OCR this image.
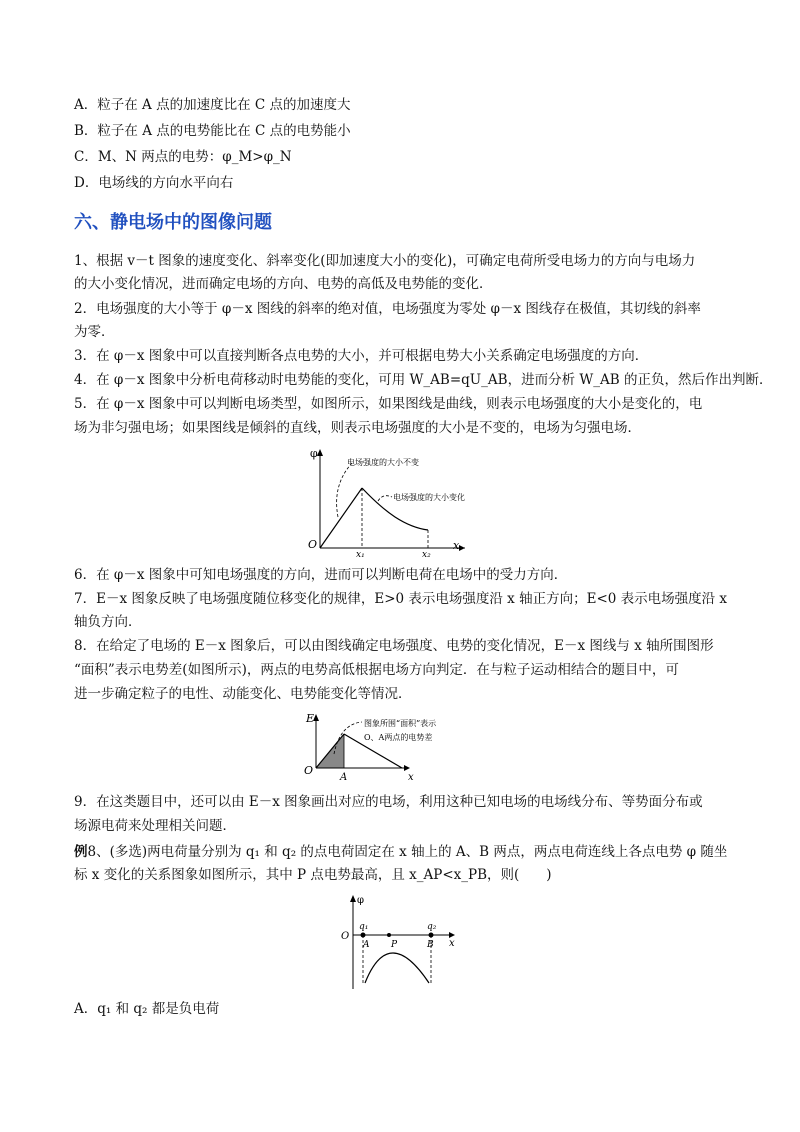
A．粒子在 A 点的加速度比在 C 点的加速度大
B．粒子在 A 点的电势能比在 C 点的电势能小
C．M、N 两点的电势：φ_M>φ_N
D．电场线的方向水平向右
六、静电场中的图像问题
1、根据 v－t 图象的速度变化、斜率变化(即加速度大小的变化)，可确定电荷所受电场力的方向与电场力
的大小变化情况，进而确定电场的方向、电势的高低及电势能的变化．
2．电场强度的大小等于 φ－x 图线的斜率的绝对值，电场强度为零处 φ－x 图线存在极值，其切线的斜率
为零．
3．在 φ－x 图象中可以直接判断各点电势的大小，并可根据电势大小关系确定电场强度的方向．
4．在 φ－x 图象中分析电荷移动时电势能的变化，可用 W_AB=qU_AB，进而分析 W_AB 的正负，然后作出判断．
5．在 φ－x 图象中可以判断电场类型，如图所示，如果图线是曲线，则表示电场强度的大小是变化的，电
场为非匀强电场；如果图线是倾斜的直线，则表示电场强度的大小是不变的，电场为匀强电场．
φ
O	x
x₁	x₂
电场强度的大小不变
电场强度的大小变化
6．在 φ－x 图象中可知电场强度的方向，进而可以判断电荷在电场中的受力方向．
7．E－x 图象反映了电场强度随位移变化的规律，E>0 表示电场强度沿 x 轴正方向；E<0 表示电场强度沿 x
轴负方向．
8．在给定了电场的 E－x 图象后，可以由图线确定电场强度、电势的变化情况，E－x 图线与 x 轴所围图形
“面积”表示电势差(如图所示)，两点的电势高低根据电场方向判定．在与粒子运动相结合的题目中，可
进一步确定粒子的电性、动能变化、电势能变化等情况．
E
O
A	x
图象所围“面积”表示
O、A两点的电势差
9．在这类题目中，还可以由 E－x 图象画出对应的电场，利用这种已知电场的电场线分布、等势面分布或
场源电荷来处理相关问题．
例8、(多选)两电荷量分别为 q₁ 和 q₂ 的点电荷固定在 x 轴上的 A、B 两点，两点电荷连线上各点电势 φ 随坐
标 x 变化的关系图象如图所示，其中 P 点电势最高，且 x_AP<x_PB，则(　　)
φ
O
x
q₁	q₂
A P	B
A．q₁ 和 q₂ 都是负电荷
